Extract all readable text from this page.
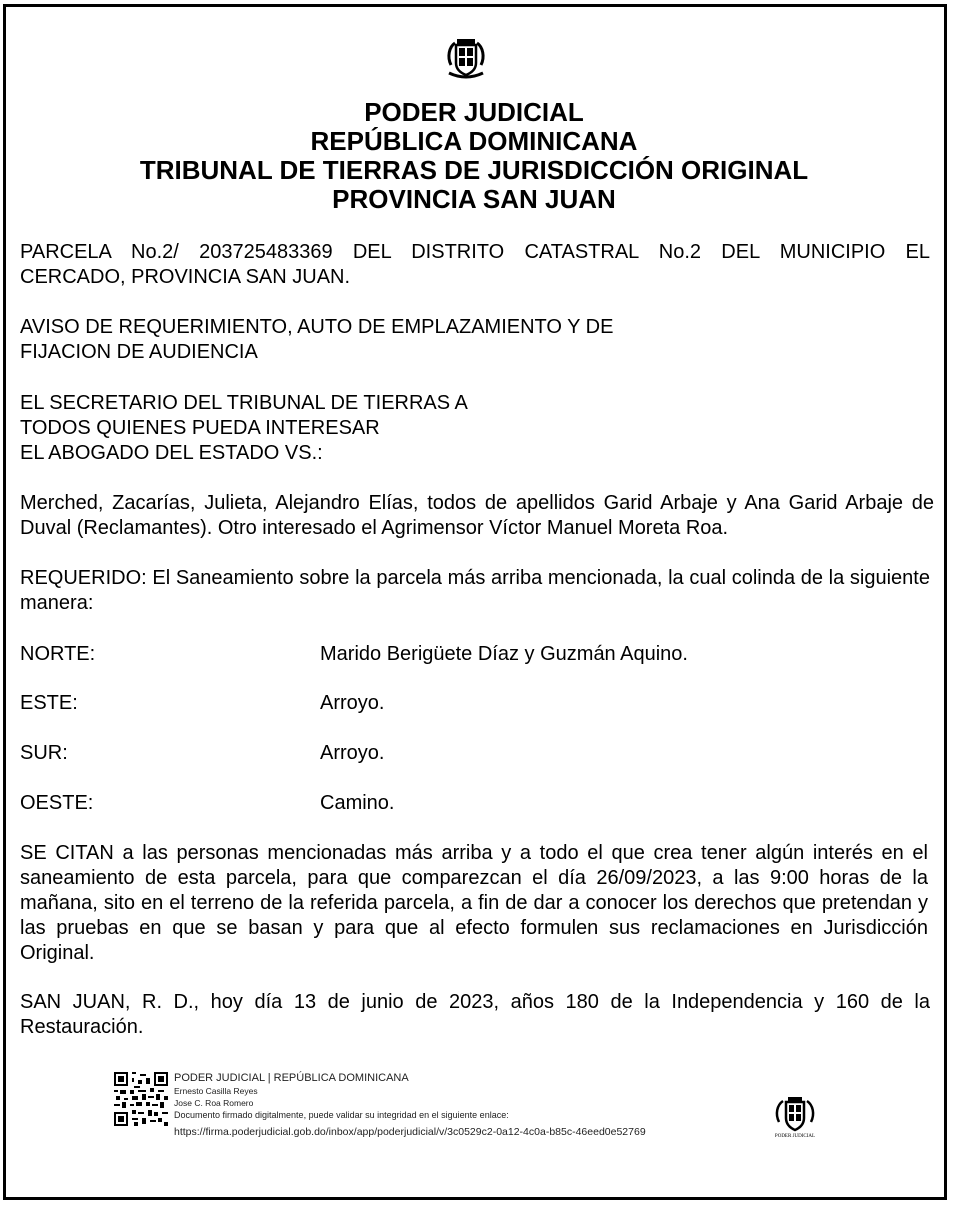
PODER JUDICIAL
REPÚBLICA DOMINICANA
TRIBUNAL DE TIERRAS DE JURISDICCIÓN ORIGINAL
PROVINCIA SAN JUAN
PARCELA No.2/ 203725483369 DEL DISTRITO CATASTRAL No.2 DEL MUNICIPIO EL
CERCADO, PROVINCIA SAN JUAN.
AVISO DE REQUERIMIENTO, AUTO DE EMPLAZAMIENTO Y DE
FIJACION DE AUDIENCIA
EL SECRETARIO DEL TRIBUNAL DE TIERRAS A
TODOS QUIENES PUEDA INTERESAR
EL ABOGADO DEL ESTADO VS.:

Merched, Zacarías, Julieta, Alejandro Elías, todos de apellidos Garid Arbaje y Ana Garid Arbaje de Duval (Reclamantes). Otro interesado el Agrimensor Víctor Manuel Moreta Roa.

REQUERIDO: El Saneamiento sobre la parcela más arriba mencionada, la cual colinda de la siguiente manera:

NORTE:	Marido Berigüete Díaz y Guzmán Aquino.
ESTE:	Arroyo.
SUR:	Arroyo.
OESTE:	Camino.

SE CITAN a las personas mencionadas más arriba y a todo el que crea tener algún interés en el saneamiento de esta parcela, para que comparezcan el día 26/09/2023, a las 9:00 horas de la mañana, sito en el terreno de la referida parcela, a fin de dar a conocer los derechos que pretendan y las pruebas en que se basan y para que al efecto formulen sus reclamaciones en Jurisdicción Original.

SAN JUAN, R. D., hoy día 13 de junio de 2023, años 180 de la Independencia y 160 de la Restauración.

PODER JUDICIAL | REPÚBLICA DOMINICANA
Ernesto Casilla Reyes
Jose C. Roa Romero
Documento firmado digitalmente, puede validar su integridad en el siguiente enlace:
https://firma.poderjudicial.gob.do/inbox/app/poderjudicial/v/3c0529c2-0a12-4c0a-b85c-46eed0e52769	PODER JUDICIAL
